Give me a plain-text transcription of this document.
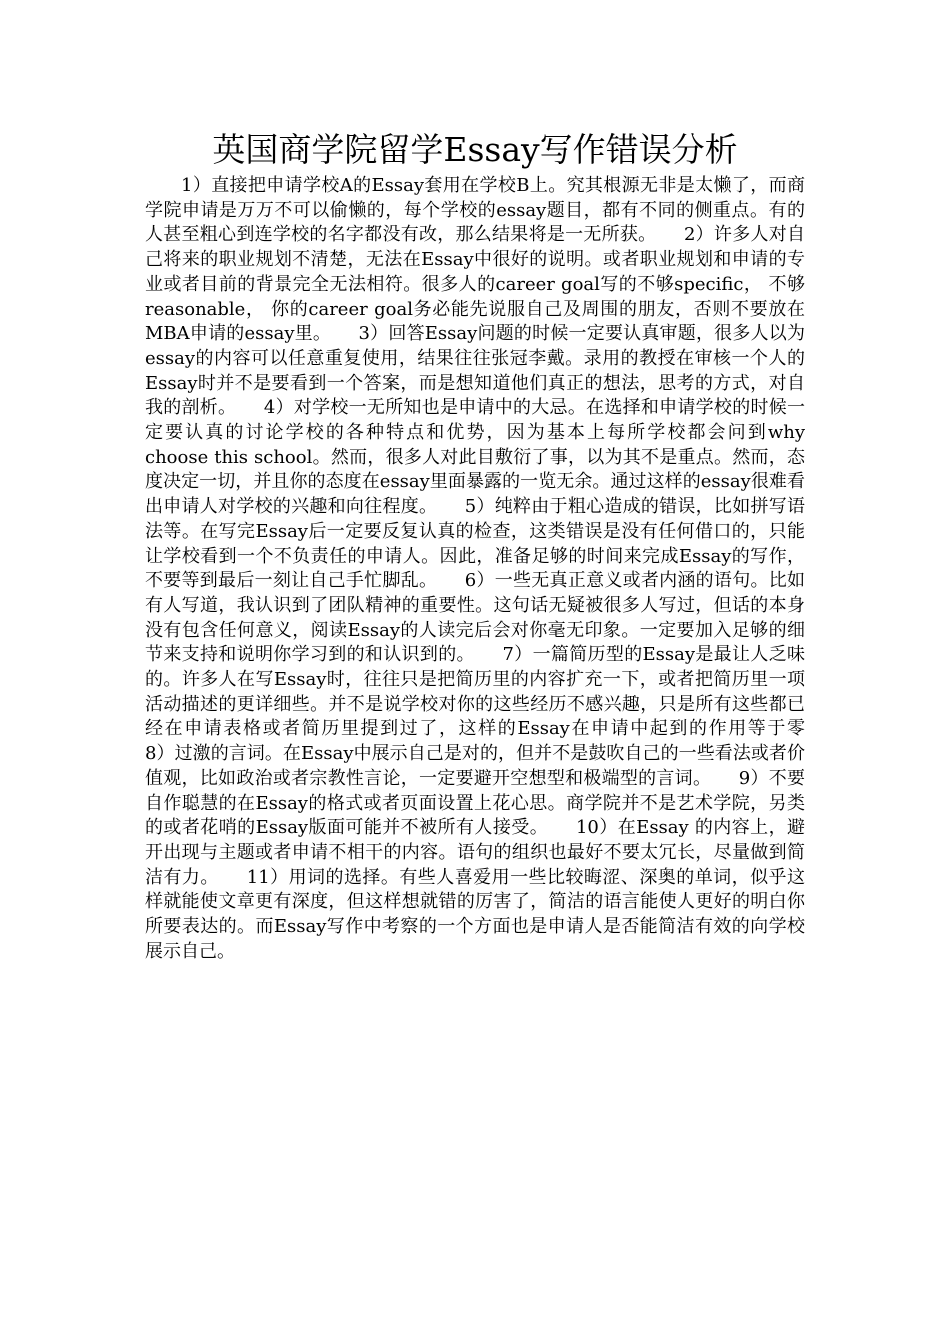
英国商学院留学Essay写作错误分析

1）直接把申请学校A的Essay套用在学校B上。究其根源无非是太懒了，而商学院申请是万万不可以偷懒的，每个学校的essay题目，都有不同的侧重点。有的人甚至粗心到连学校的名字都没有改，那么结果将是一无所获。　　2）许多人对自己将来的职业规划不清楚，无法在Essay中很好的说明。或者职业规划和申请的专业或者目前的背景完全无法相符。很多人的career goal写的不够specific， 不够reasonable， 你的career goal务必能先说服自己及周围的朋友，否则不要放在MBA申请的essay里。　　3）回答Essay问题的时候一定要认真审题，很多人以为essay的内容可以任意重复使用，结果往往张冠李戴。录用的教授在审核一个人的Essay时并不是要看到一个答案，而是想知道他们真正的想法，思考的方式，对自我的剖析。　　4）对学校一无所知也是申请中的大忌。在选择和申请学校的时候一定要认真的讨论学校的各种特点和优势，因为基本上每所学校都会问到why choose this school。然而，很多人对此目敷衍了事，以为其不是重点。然而，态度决定一切，并且你的态度在essay里面暴露的一览无余。通过这样的essay很难看出申请人对学校的兴趣和向往程度。　　5）纯粹由于粗心造成的错误，比如拼写语法等。在写完Essay后一定要反复认真的检查，这类错误是没有任何借口的，只能让学校看到一个不负责任的申请人。因此，准备足够的时间来完成Essay的写作，不要等到最后一刻让自己手忙脚乱。　　6）一些无真正意义或者内涵的语句。比如有人写道，我认识到了团队精神的重要性。这句话无疑被很多人写过，但话的本身没有包含任何意义，阅读Essay的人读完后会对你毫无印象。一定要加入足够的细节来支持和说明你学习到的和认识到的。　　7）一篇简历型的Essay是最让人乏味的。许多人在写Essay时，往往只是把简历里的内容扩充一下，或者把简历里一项活动描述的更详细些。并不是说学校对你的这些经历不感兴趣，只是所有这些都已经在申请表格或者简历里提到过了，这样的Essay在申请中起到的作用等于零　　8）过激的言词。在Essay中展示自己是对的，但并不是鼓吹自己的一些看法或者价值观，比如政治或者宗教性言论，一定要避开空想型和极端型的言词。　　9）不要自作聪慧的在Essay的格式或者页面设置上花心思。商学院并不是艺术学院，另类的或者花哨的Essay版面可能并不被所有人接受。　　10）在Essay 的内容上，避开出现与主题或者申请不相干的内容。语句的组织也最好不要太冗长，尽量做到简洁有力。　　11）用词的选择。有些人喜爱用一些比较晦涩、深奥的单词，似乎这样就能使文章更有深度，但这样想就错的厉害了，简洁的语言能使人更好的明白你所要表达的。而Essay写作中考察的一个方面也是申请人是否能简洁有效的向学校展示自己。
